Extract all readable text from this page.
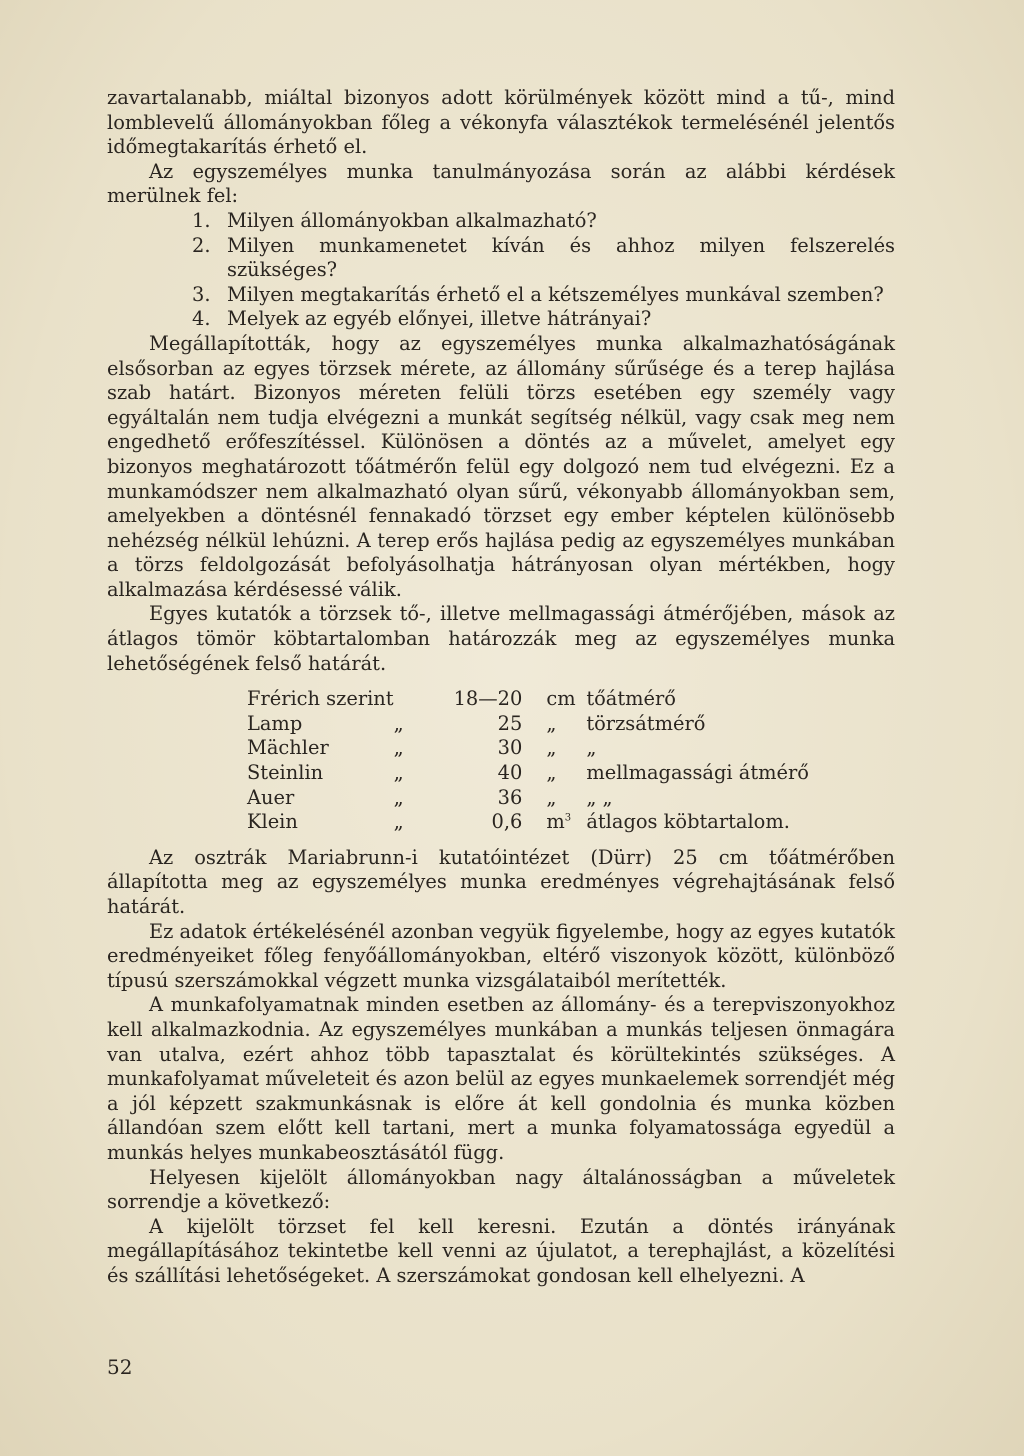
zavartalanabb, miáltal bizonyos adott körülmények között mind a tű-, mind lomblevelű állományokban főleg a vékonyfa választékok termelésénél jelentős időmegtakarítás érhető el.

Az egyszemélyes munka tanulmányozása során az alábbi kérdések merülnek fel:

1. Milyen állományokban alkalmazható?
2. Milyen munkamenetet kíván és ahhoz milyen felszerelés szükséges?
3. Milyen megtakarítás érhető el a kétszemélyes munkával szemben?
4. Melyek az egyéb előnyei, illetve hátrányai?

Megállapították, hogy az egyszemélyes munka alkalmazhatóságának elsősorban az egyes törzsek mérete, az állomány sűrűsége és a terep hajlása szab határt. Bizonyos méreten felüli törzs esetében egy személy vagy egyáltalán nem tudja elvégezni a munkát segítség nélkül, vagy csak meg nem engedhető erőfeszítéssel. Különösen a döntés az a művelet, amelyet egy bizonyos meghatározott tőátmérőn felül egy dolgozó nem tud elvégezni. Ez a munkamódszer nem alkalmazható olyan sűrű, vékonyabb állományokban sem, amelyekben a döntésnél fennakadó törzset egy ember képtelen különösebb nehézség nélkül lehúzni. A terep erős hajlása pedig az egyszemélyes munkában a törzs feldolgozását befolyásolhatja hátrányosan olyan mértékben, hogy alkalmazása kérdésessé válik.

Egyes kutatók a törzsek tő-, illetve mellmagassági átmérőjében, mások az átlagos tömör köbtartalomban határozzák meg az egyszemélyes munka lehetőségének felső határát.

Frérich szerint		18—20	cm	tőátmérő
Lamp	„	25	„	törzsátmérő
Mächler	„	30	„	„
Steinlin	„	40	„	mellmagassági átmérő
Auer	„	36	„	„ „
Klein	„	0,6	$m^3$	átlagos köbtartalom.

Az osztrák Mariabrunn-i kutatóintézet (Dürr) 25 cm tőátmérőben állapította meg az egyszemélyes munka eredményes végrehajtásának felső határát.

Ez adatok értékelésénél azonban vegyük figyelembe, hogy az egyes kutatók eredményeiket főleg fenyőállományokban, eltérő viszonyok között, különböző típusú szerszámokkal végzett munka vizsgálataiból merítették.

A munkafolyamatnak minden esetben az állomány- és a terepviszonyokhoz kell alkalmazkodnia. Az egyszemélyes munkában a munkás teljesen önmagára van utalva, ezért ahhoz több tapasztalat és körültekintés szükséges. A munkafolyamat műveleteit és azon belül az egyes munkaelemek sorrendjét még a jól képzett szakmunkásnak is előre át kell gondolnia és munka közben állandóan szem előtt kell tartani, mert a munka folyamatossága egyedül a munkás helyes munkabeosztásától függ.

Helyesen kijelölt állományokban nagy általánosságban a műveletek sorrendje a következő:

A kijelölt törzset fel kell keresni. Ezután a döntés irányának megállapításához tekintetbe kell venni az újulatot, a terephajlást, a közelítési és szállítási lehetőségeket. A szerszámokat gondosan kell elhelyezni. A

52
